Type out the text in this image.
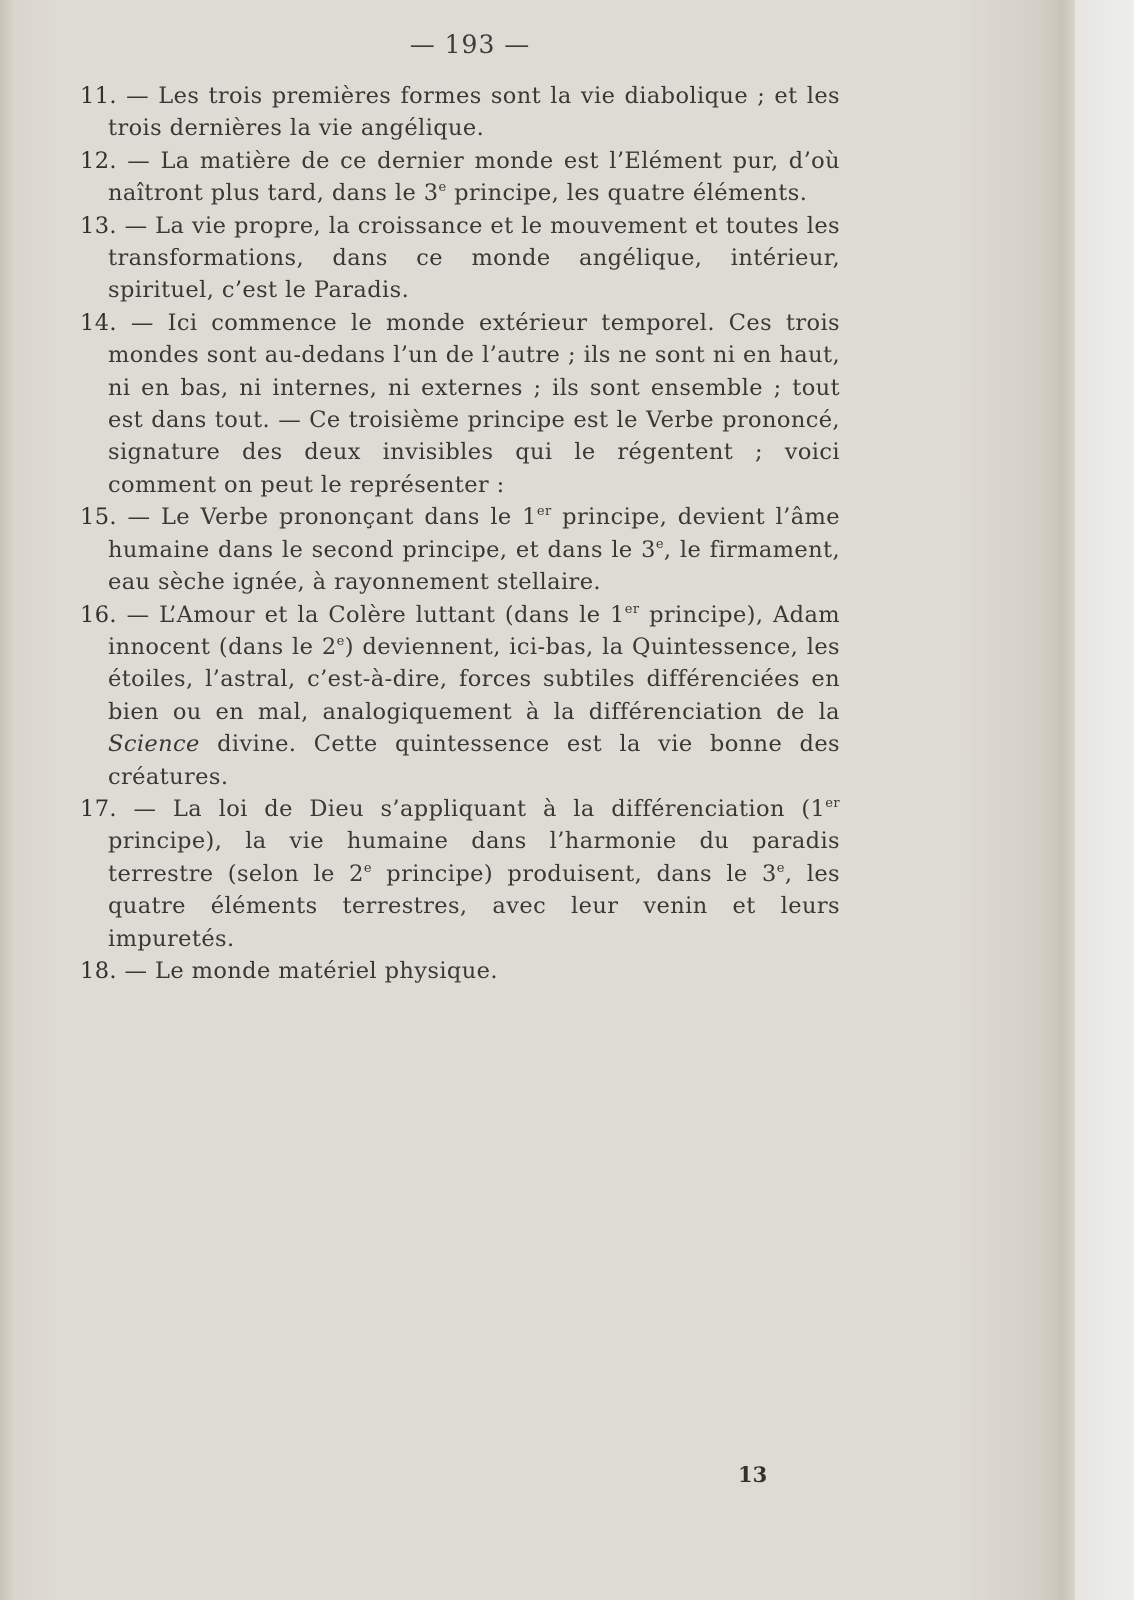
— 193 —

11. — Les trois premières formes sont la vie diabolique ; et les trois dernières la vie angélique.

12. — La matière de ce dernier monde est l’Elément pur, d’où naîtront plus tard, dans le 3e principe, les quatre éléments.

13. — La vie propre, la croissance et le mouvement et toutes les transformations, dans ce monde angélique, intérieur, spirituel, c’est le Paradis.

14. — Ici commence le monde extérieur temporel. Ces trois mondes sont au-dedans l’un de l’autre ; ils ne sont ni en haut, ni en bas, ni internes, ni externes ; ils sont ensemble ; tout est dans tout. — Ce troisième principe est le Verbe prononcé, signature des deux invisibles qui le régentent ; voici comment on peut le représenter :

15. — Le Verbe prononçant dans le 1er principe, devient l’âme humaine dans le second principe, et dans le 3e, le firmament, eau sèche ignée, à rayonnement stellaire.

16. — L’Amour et la Colère luttant (dans le 1er principe), Adam innocent (dans le 2e) deviennent, ici-bas, la Quintessence, les étoiles, l’astral, c’est-à-dire, forces subtiles différenciées en bien ou en mal, analogiquement à la différenciation de la Science divine. Cette quintessence est la vie bonne des créatures.

17. — La loi de Dieu s’appliquant à la différenciation (1er principe), la vie humaine dans l’harmonie du paradis terrestre (selon le 2e principe) produisent, dans le 3e, les quatre éléments terrestres, avec leur venin et leurs impuretés.

18. — Le monde matériel physique.

13
